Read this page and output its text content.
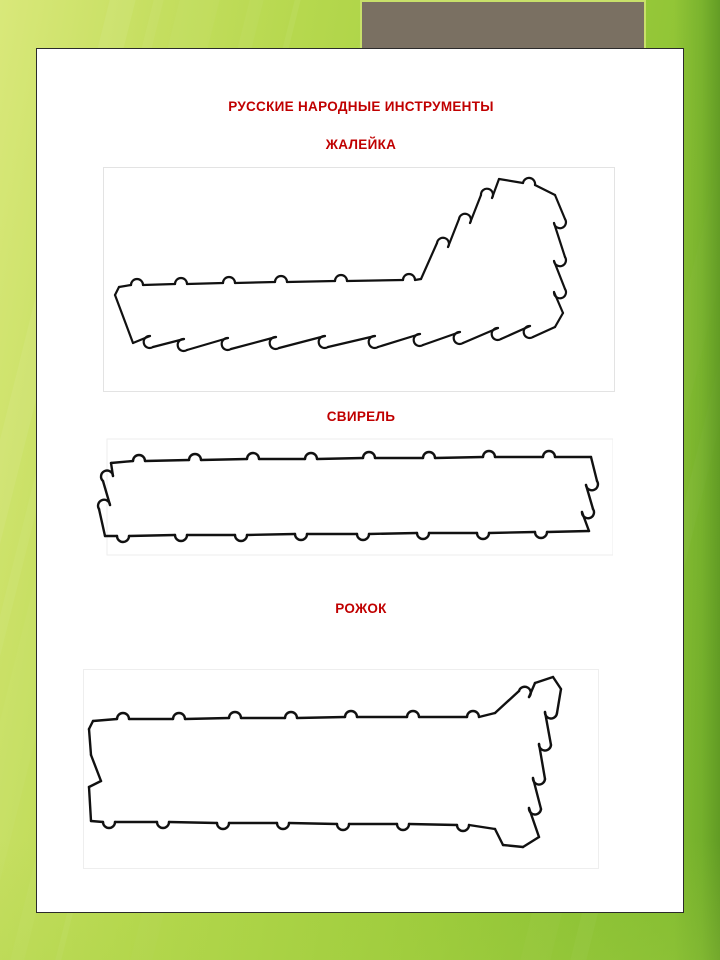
РУССКИЕ НАРОДНЫЕ ИНСТРУМЕНТЫ
ЖАЛЕЙКА
СВИРЕЛЬ
РОЖОК
